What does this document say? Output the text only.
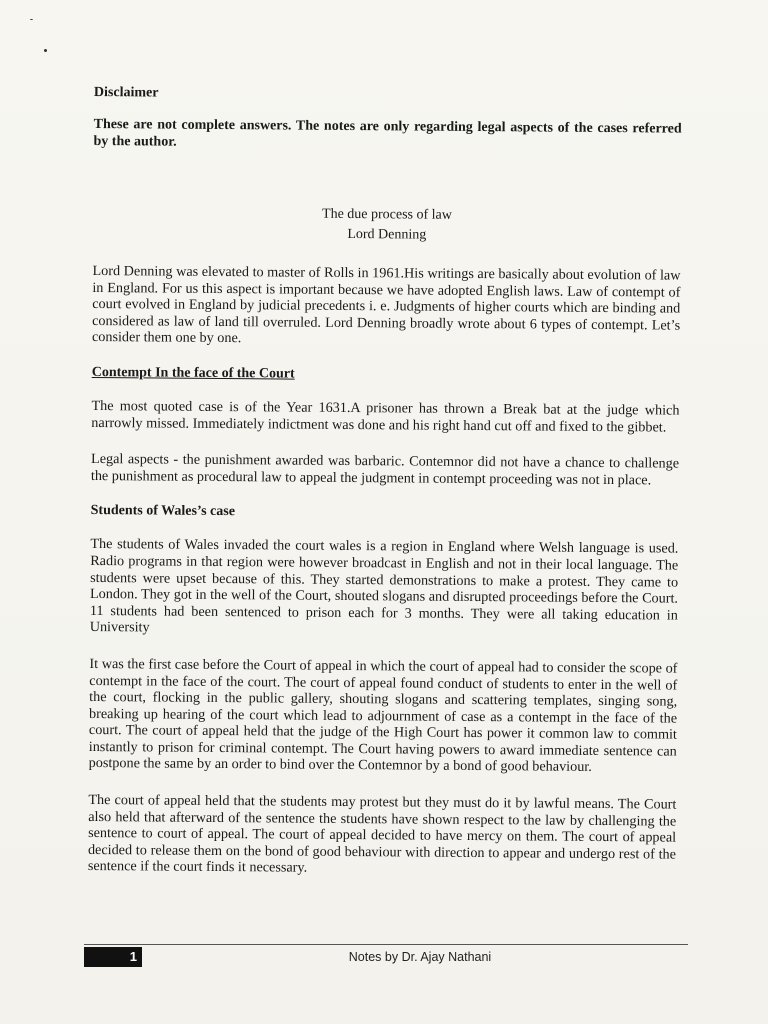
Disclaimer

These are not complete answers. The notes are only regarding legal aspects of the cases referred by the author.

The due process of law

Lord Denning

Lord Denning was elevated to master of Rolls in 1961.His writings are basically about evolution of law in England. For us this aspect is important because we have adopted English laws. Law of contempt of court evolved in England by judicial precedents i. e. Judgments of higher courts which are binding and considered as law of land till overruled. Lord Denning broadly wrote about 6 types of contempt. Let’s consider them one by one.

Contempt In the face of the Court

The most quoted case is of the Year 1631.A prisoner has thrown a Break bat at the judge which narrowly missed. Immediately indictment was done and his right hand cut off and fixed to the gibbet.

Legal aspects - the punishment awarded was barbaric. Contemnor did not have a chance to challenge the punishment as procedural law to appeal the judgment in contempt proceeding was not in place.

Students of Wales’s case

The students of Wales invaded the court wales is a region in England where Welsh language is used. Radio programs in that region were however broadcast in English and not in their local language. The students were upset because of this. They started demonstrations to make a protest. They came to London. They got in the well of the Court, shouted slogans and disrupted proceedings before the Court. 11 students had been sentenced to prison each for 3 months. They were all taking education in University

It was the first case before the Court of appeal in which the court of appeal had to consider the scope of contempt in the face of the court. The court of appeal found conduct of students to enter in the well of the court, flocking in the public gallery, shouting slogans and scattering templates, singing song, breaking up hearing of the court which lead to adjournment of case as a contempt in the face of the court. The court of appeal held that the judge of the High Court has power it common law to commit instantly to prison for criminal contempt. The Court having powers to award immediate sentence can postpone the same by an order to bind over the Contemnor by a bond of good behaviour.

The court of appeal held that the students may protest but they must do it by lawful means. The Court also held that afterward of the sentence the students have shown respect to the law by challenging the sentence to court of appeal. The court of appeal decided to have mercy on them. The court of appeal decided to release them on the bond of good behaviour with direction to appear and undergo rest of the sentence if the court finds it necessary.

1	Notes by Dr. Ajay Nathani
